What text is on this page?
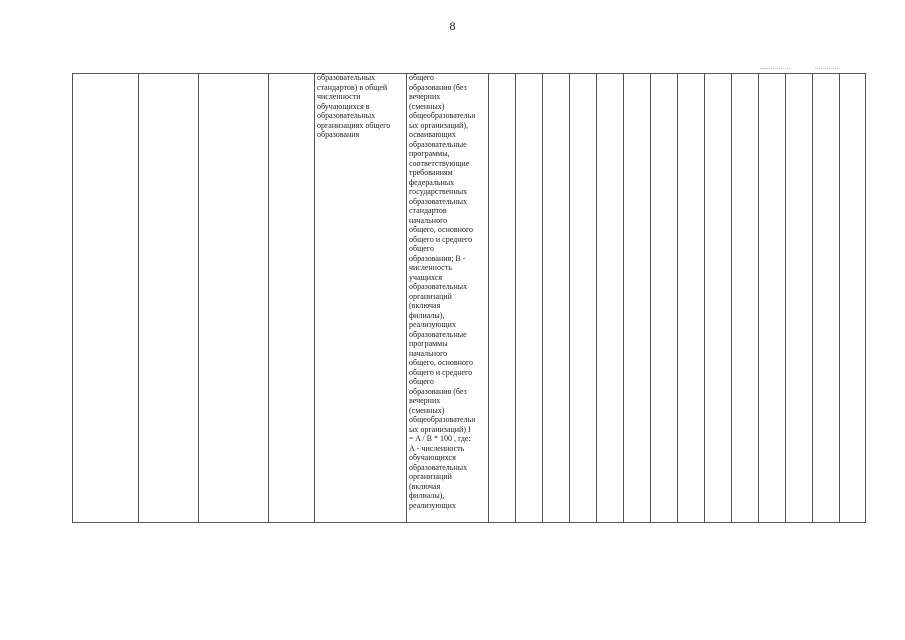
8
образовательных
стандартов) в общей
численности
обучающихся в
образовательных
организациях общего
образования
общего
образования (без
вечерних
(сменных)
общеобразовательн
ых организаций),
осваивающих
образовательные
программы,
соответствующие
требованиям
федеральных
государственных
образовательных
стандартов
начального
общего, основного
общего и среднего
общего
образования; В -
численность
учащихся
образовательных
организаций
(включая
филиалы),
реализующих
образовательные
программы
начального
общего, основного
общего и среднего
общего
образования (без
вечерних
(сменных)
общеобразовательн
ых организаций) I
= A / B * 100 , где:
А - численность
обучающихся
образовательных
организаций
(включая
филиалы),
реализующих
